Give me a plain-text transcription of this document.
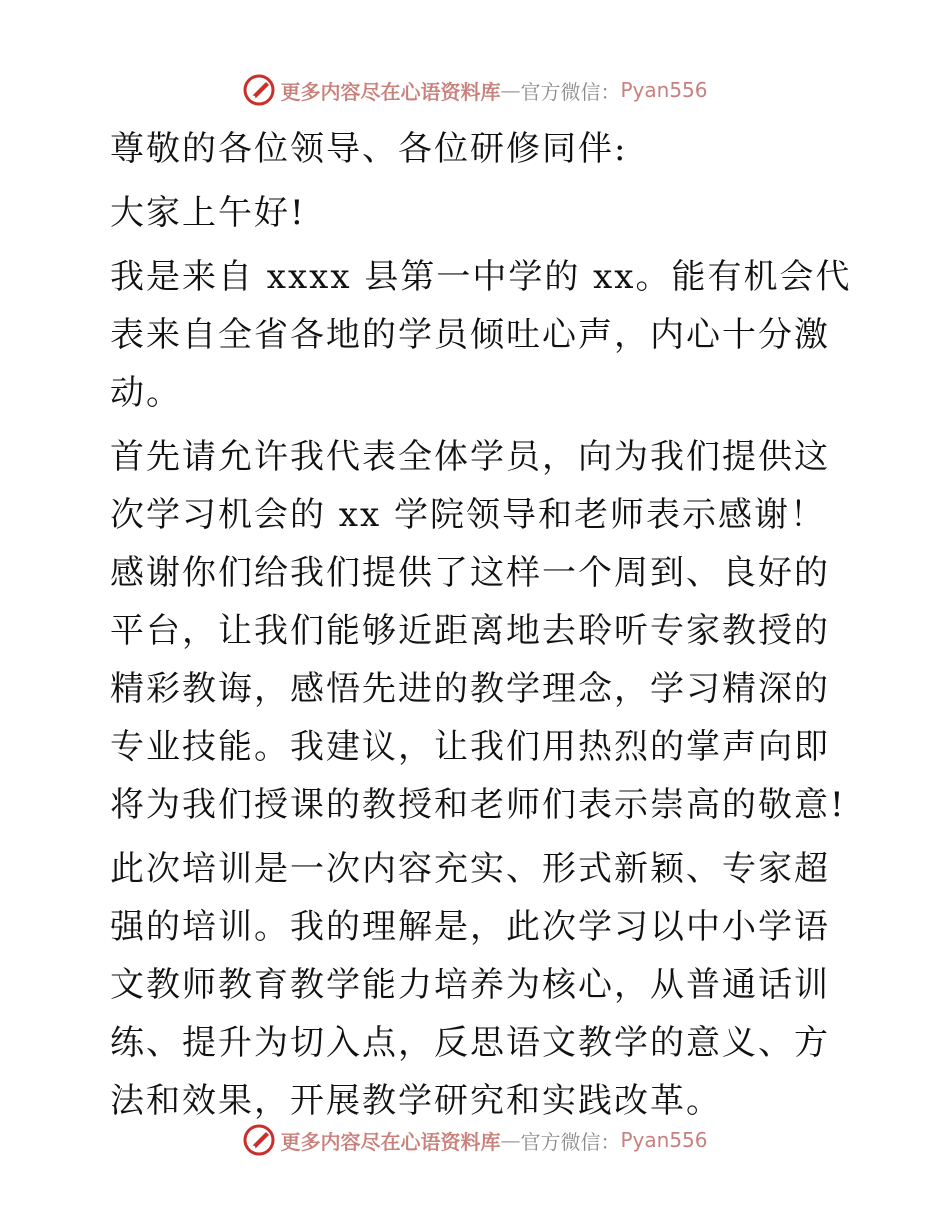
更多内容尽在心语资料库 — 官方微信： Pyan556

尊敬的各位领导、各位研修同伴:

大家上午好!

我是来自 xxxx 县第一中学的 xx。能有机会代表来自全省各地的学员倾吐心声，内心十分激动。

首先请允许我代表全体学员，向为我们提供这次学习机会的 xx 学院领导和老师表示感谢！感谢你们给我们提供了这样一个周到、良好的平台，让我们能够近距离地去聆听专家教授的精彩教诲，感悟先进的教学理念，学习精深的专业技能。我建议，让我们用热烈的掌声向即将为我们授课的教授和老师们表示崇高的敬意!

此次培训是一次内容充实、形式新颖、专家超强的培训。我的理解是，此次学习以中小学语文教师教育教学能力培养为核心，从普通话训练、提升为切入点，反思语文教学的意义、方法和效果，开展教学研究和实践改革。

更多内容尽在心语资料库 — 官方微信： Pyan556
